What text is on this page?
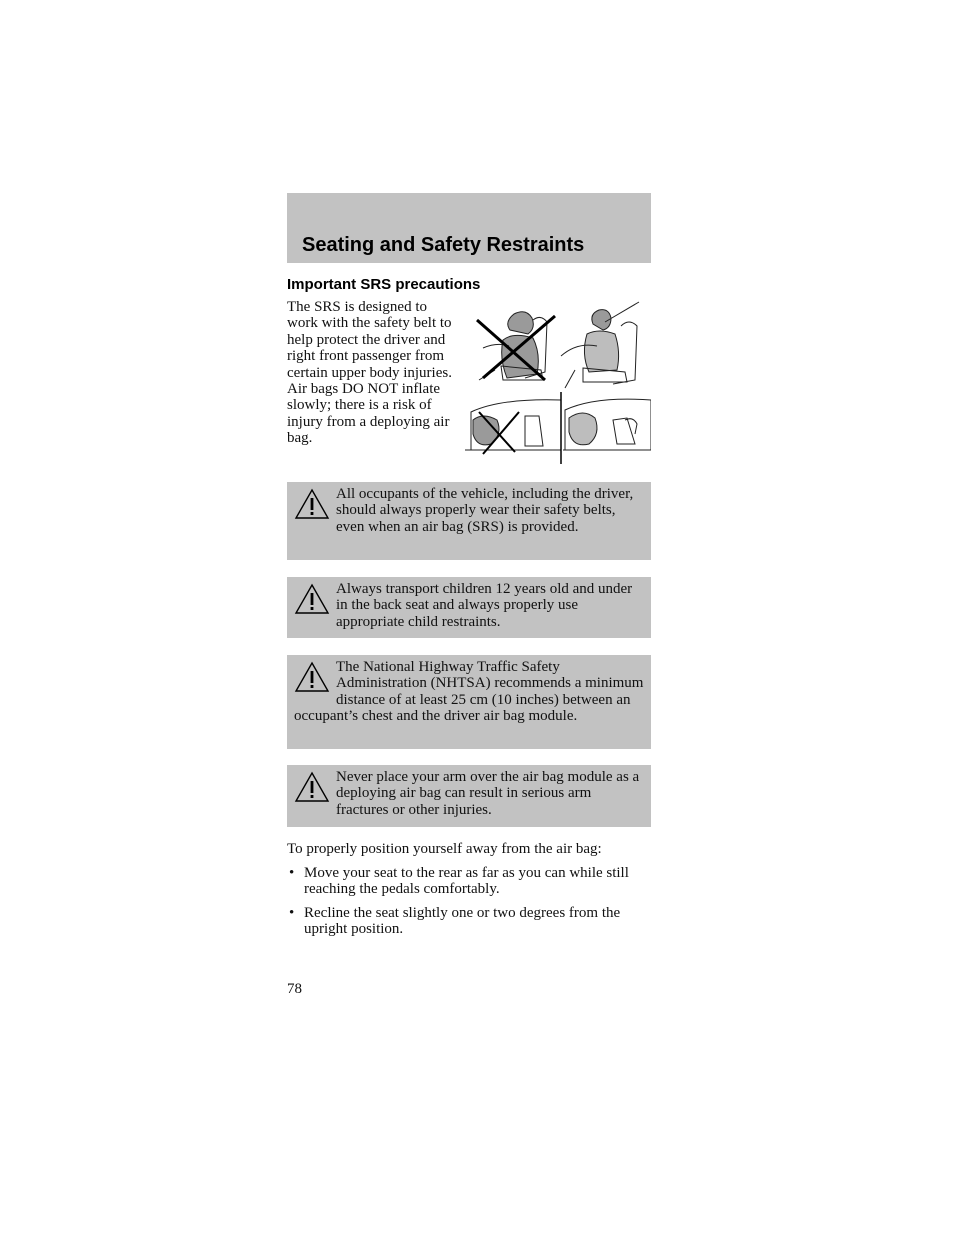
Seating and Safety Restraints
Important SRS precautions

The SRS is designed to work with the safety belt to help protect the driver and right front passenger from certain upper body injuries. Air bags DO NOT inflate slowly; there is a risk of injury from a deploying air bag.

All occupants of the vehicle, including the driver, should always properly wear their safety belts, even when an air bag (SRS) is provided.

Always transport children 12 years old and under in the back seat and always properly use appropriate child restraints.

The National Highway Traffic Safety Administration (NHTSA) recommends a minimum distance of at least 25 cm (10 inches) between an occupant’s chest and the driver air bag module.

Never place your arm over the air bag module as a deploying air bag can result in serious arm fractures or other injuries.

To properly position yourself away from the air bag:

• Move your seat to the rear as far as you can while still reaching the pedals comfortably.
• Recline the seat slightly one or two degrees from the upright position.

78
